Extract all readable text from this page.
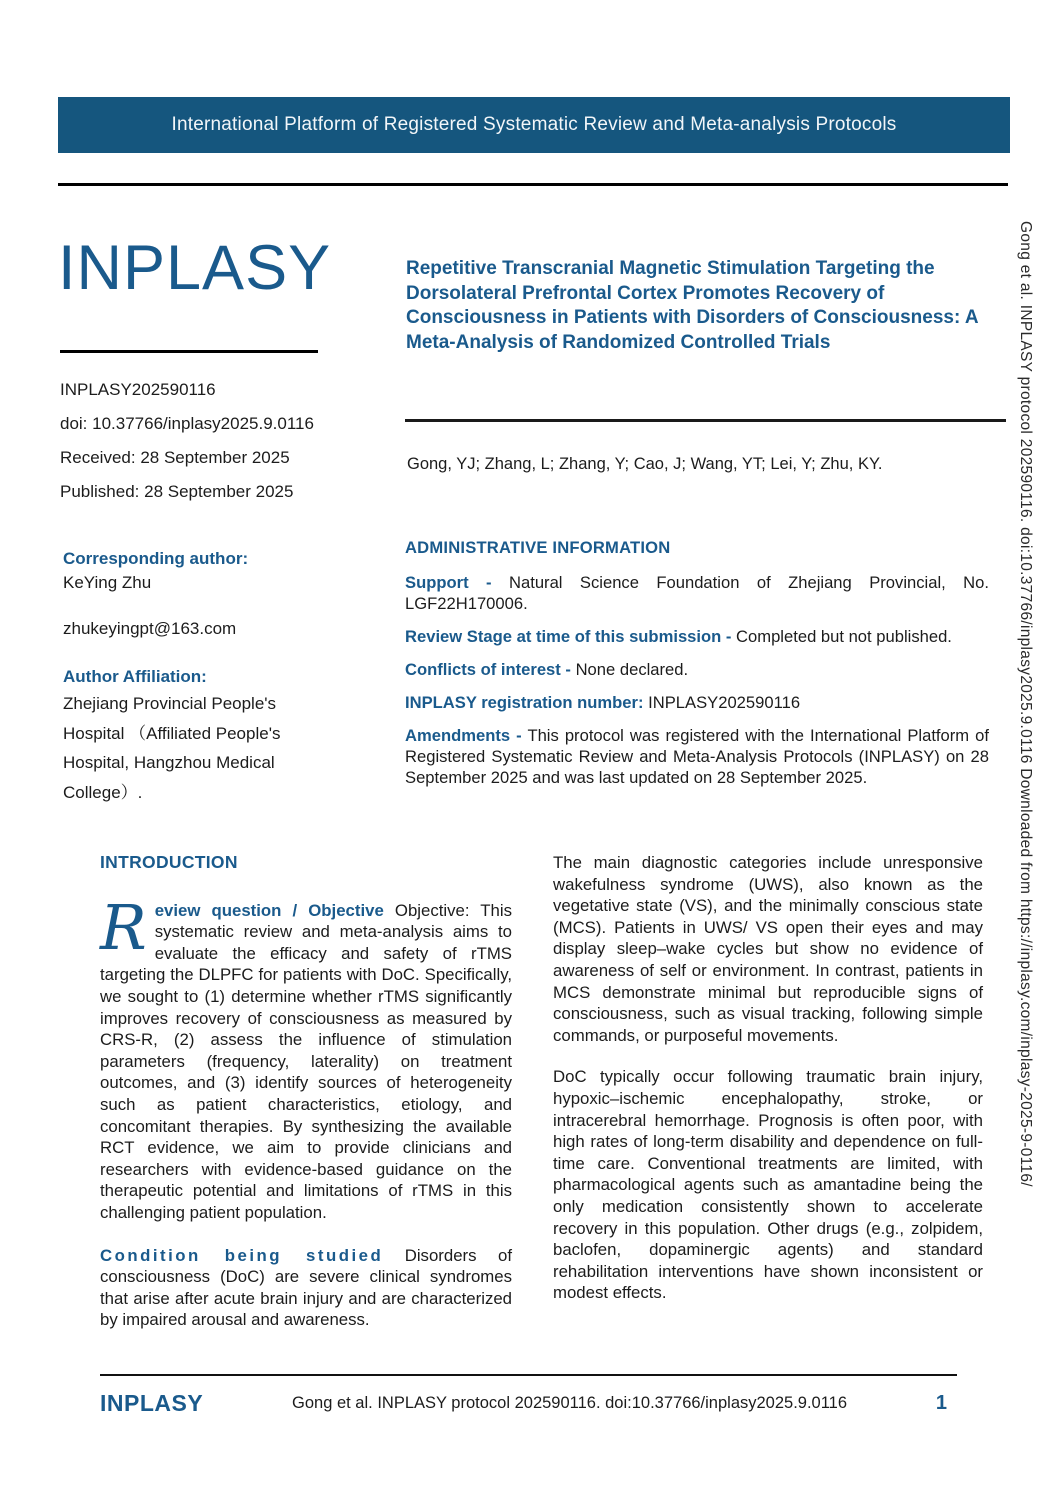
International Platform of Registered Systematic Review and Meta-analysis Protocols
INPLASY
INPLASY202590116
doi: 10.37766/inplasy2025.9.0116
Received: 28 September 2025
Published: 28 September 2025
Corresponding author:
KeYing Zhu
zhukeyingpt@163.com
Author Affiliation:
Zhejiang Provincial People's Hospital （Affiliated People's Hospital, Hangzhou Medical College）.
Repetitive Transcranial Magnetic Stimulation Targeting the Dorsolateral Prefrontal Cortex Promotes Recovery of Consciousness in Patients with Disorders of Consciousness: A Meta-Analysis of Randomized Controlled Trials
Gong, YJ; Zhang, L; Zhang, Y; Cao, J; Wang, YT; Lei, Y; Zhu, KY.
ADMINISTRATIVE INFORMATION

Support - Natural Science Foundation of Zhejiang Provincial, No. LGF22H170006.

Review Stage at time of this submission - Completed but not published.

Conflicts of interest - None declared.

INPLASY registration number: INPLASY202590116

Amendments - This protocol was registered with the International Platform of Registered Systematic Review and Meta-Analysis Protocols (INPLASY) on 28 September 2025 and was last updated on 28 September 2025.

INTRODUCTION

Review question / Objective Objective: This systematic review and meta-analysis aims to evaluate the efficacy and safety of rTMS targeting the DLPFC for patients with DoC. Specifically, we sought to (1) determine whether rTMS significantly improves recovery of consciousness as measured by CRS-R, (2) assess the influence of stimulation parameters (frequency, laterality) on treatment outcomes, and (3) identify sources of heterogeneity such as patient characteristics, etiology, and concomitant therapies. By synthesizing the available RCT evidence, we aim to provide clinicians and researchers with evidence-based guidance on the therapeutic potential and limitations of rTMS in this challenging patient population.

Condition being studied Disorders of consciousness (DoC) are severe clinical syndromes that arise after acute brain injury and are characterized by impaired arousal and awareness.

The main diagnostic categories include unresponsive wakefulness syndrome (UWS), also known as the vegetative state (VS), and the minimally conscious state (MCS). Patients in UWS/ VS open their eyes and may display sleep–wake cycles but show no evidence of awareness of self or environment. In contrast, patients in MCS demonstrate minimal but reproducible signs of consciousness, such as visual tracking, following simple commands, or purposeful movements.

DoC typically occur following traumatic brain injury, hypoxic–ischemic encephalopathy, stroke, or intracerebral hemorrhage. Prognosis is often poor, with high rates of long-term disability and dependence on full-time care. Conventional treatments are limited, with pharmacological agents such as amantadine being the only medication consistently shown to accelerate recovery in this population. Other drugs (e.g., zolpidem, baclofen, dopaminergic agents) and standard rehabilitation interventions have shown inconsistent or modest effects.

Gong et al. INPLASY protocol 202590116. doi:10.37766/inplasy2025.9.0116 Downloaded from https://inplasy.com/inplasy-2025-9-0116/
INPLASY	Gong et al. INPLASY protocol 202590116. doi:10.37766/inplasy2025.9.0116	1
